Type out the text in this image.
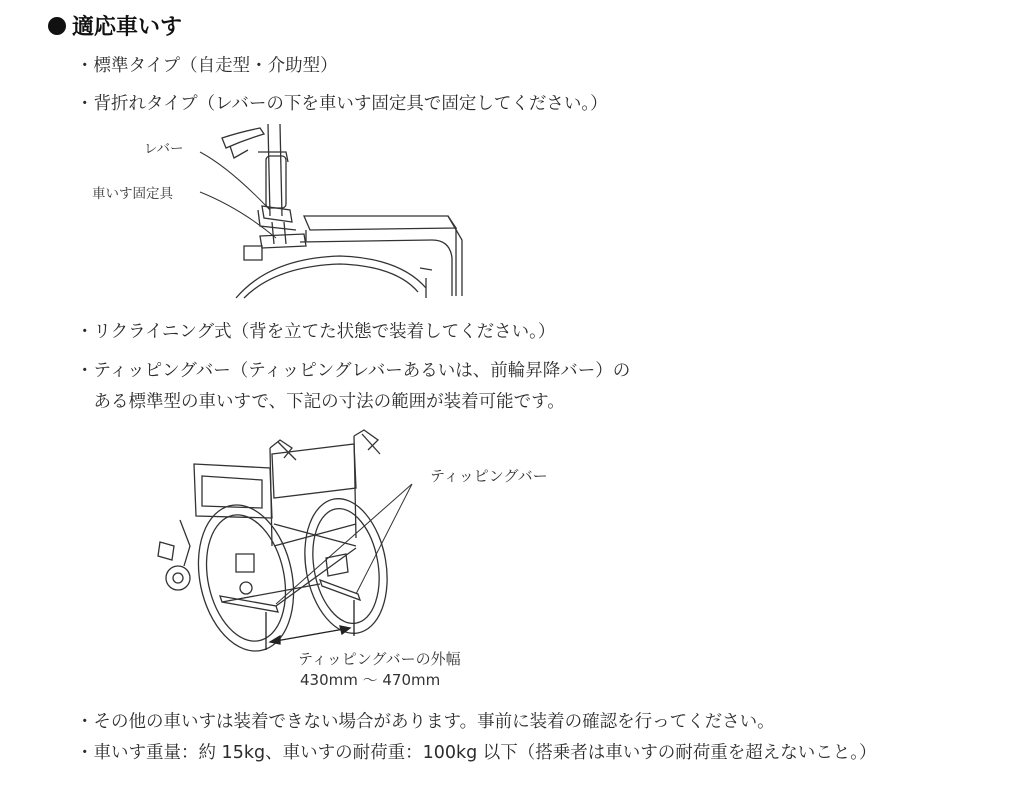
適応車いす
・標準タイプ（自走型・介助型）
・背折れタイプ（レバーの下を車いす固定具で固定してください。）
レバー
車いす固定具
・リクライニング式（背を立てた状態で装着してください。）
・ティッピングバー（ティッピングレバーあるいは、前輪昇降バー）の
　ある標準型の車いすで、下記の寸法の範囲が装着可能です。
ティッピングバー
ティッピングバーの外幅
430mm ～ 470mm
・その他の車いすは装着できない場合があります。事前に装着の確認を行ってください。
・車いす重量：約 15kg、車いすの耐荷重：100kg 以下（搭乗者は車いすの耐荷重を超えないこと。）
